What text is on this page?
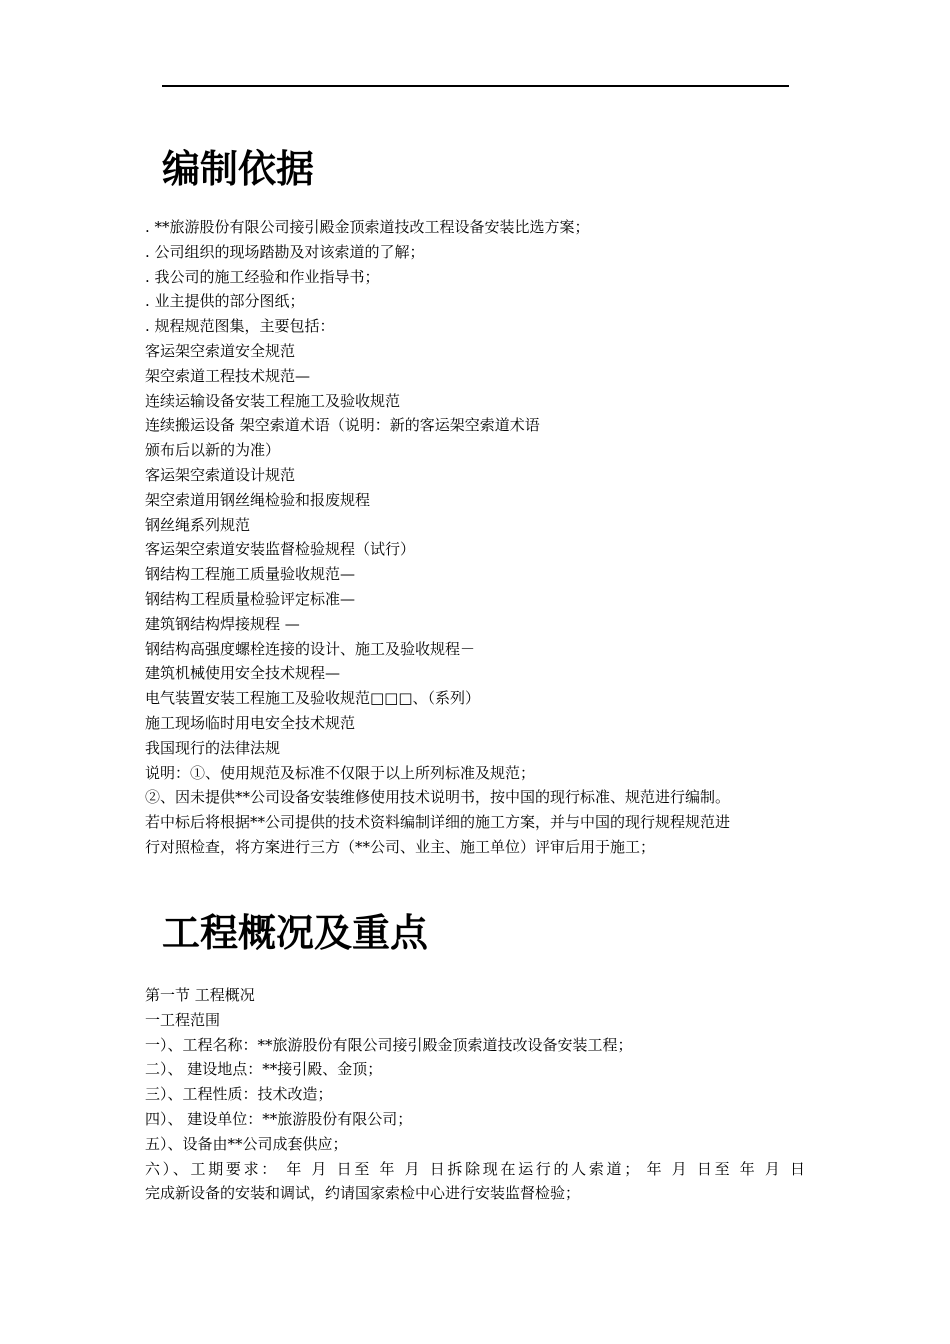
编制依据
. **旅游股份有限公司接引殿金顶索道技改工程设备安装比选方案；
. 公司组织的现场踏勘及对该索道的了解；
. 我公司的施工经验和作业指导书；
. 业主提供的部分图纸；
. 规程规范图集，主要包括：
客运架空索道安全规范
架空索道工程技术规范—
连续运输设备安装工程施工及验收规范
连续搬运设备 架空索道术语（说明：新的客运架空索道术语
颁布后以新的为准）
客运架空索道设计规范
架空索道用钢丝绳检验和报废规程
钢丝绳系列规范
客运架空索道安装监督检验规程（试行）
钢结构工程施工质量验收规范—
钢结构工程质量检验评定标准—
建筑钢结构焊接规程 —
钢结构高强度螺栓连接的设计、施工及验收规程－
建筑机械使用安全技术规程—
电气装置安装工程施工及验收规范□□□、（系列）
施工现场临时用电安全技术规范
我国现行的法律法规
说明：①、使用规范及标准不仅限于以上所列标准及规范；
②、因未提供**公司设备安装维修使用技术说明书，按中国的现行标准、规范进行编制。
若中标后将根据**公司提供的技术资料编制详细的施工方案，并与中国的现行规程规范进
行对照检查，将方案进行三方（**公司、业主、施工单位）评审后用于施工；
工程概况及重点
第一节 工程概况
一工程范围
一）、工程名称：**旅游股份有限公司接引殿金顶索道技改设备安装工程；
二）、 建设地点：**接引殿、金顶；
三）、工程性质：技术改造；
四）、 建设单位：**旅游股份有限公司；
五）、设备由**公司成套供应；
六）、工期要求： 年 月 日至 年 月 日拆除现在运行的人索道； 年 月 日至 年 月 日
完成新设备的安装和调试，约请国家索检中心进行安装监督检验；
